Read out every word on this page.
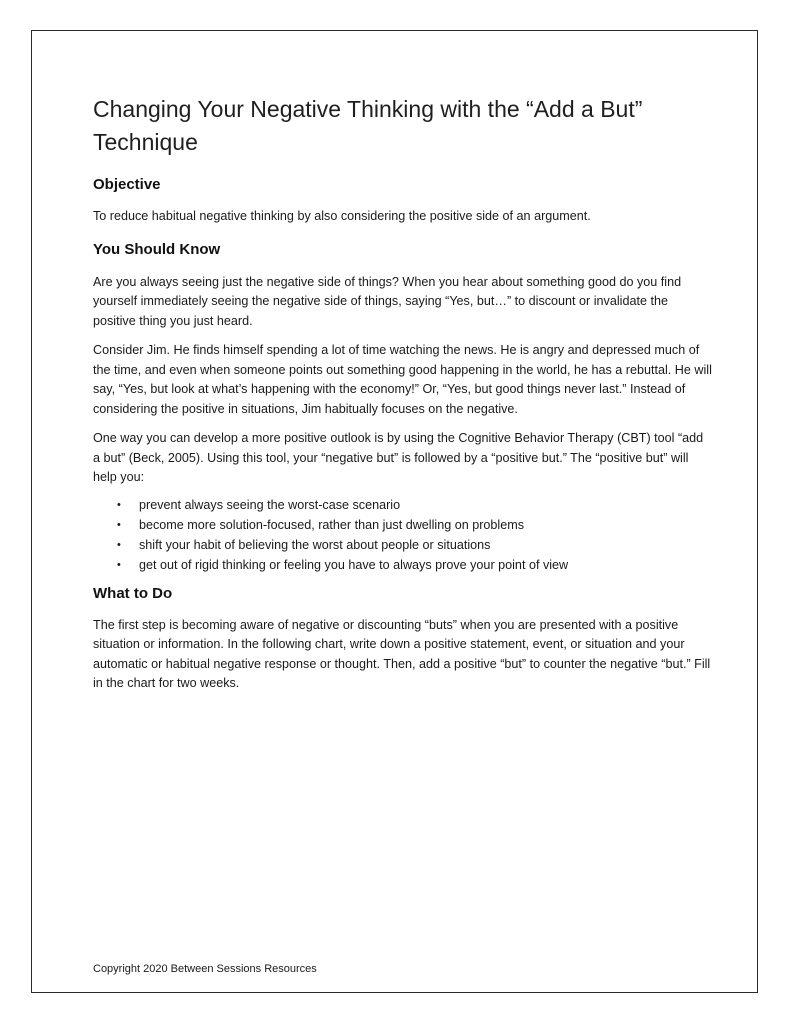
Changing Your Negative Thinking with the “Add a But” Technique
Objective

To reduce habitual negative thinking by also considering the positive side of an argument.

You Should Know

Are you always seeing just the negative side of things? When you hear about something good do you find yourself immediately seeing the negative side of things, saying “Yes, but…” to discount or invalidate the positive thing you just heard.

Consider Jim. He finds himself spending a lot of time watching the news. He is angry and depressed much of the time, and even when someone points out something good happening in the world, he has a rebuttal. He will say, “Yes, but look at what’s happening with the economy!” Or, “Yes, but good things never last.” Instead of considering the positive in situations, Jim habitually focuses on the negative.

One way you can develop a more positive outlook is by using the Cognitive Behavior Therapy (CBT) tool “add a but” (Beck, 2005). Using this tool, your “negative but” is followed by a “positive but.” The “positive but” will help you:

• prevent always seeing the worst-case scenario
• become more solution-focused, rather than just dwelling on problems
• shift your habit of believing the worst about people or situations
• get out of rigid thinking or feeling you have to always prove your point of view
What to Do

The first step is becoming aware of negative or discounting “buts” when you are presented with a positive situation or information. In the following chart, write down a positive statement, event, or situation and your automatic or habitual negative response or thought. Then, add a positive “but” to counter the negative “but.” Fill in the chart for two weeks.

Copyright 2020 Between Sessions Resources
